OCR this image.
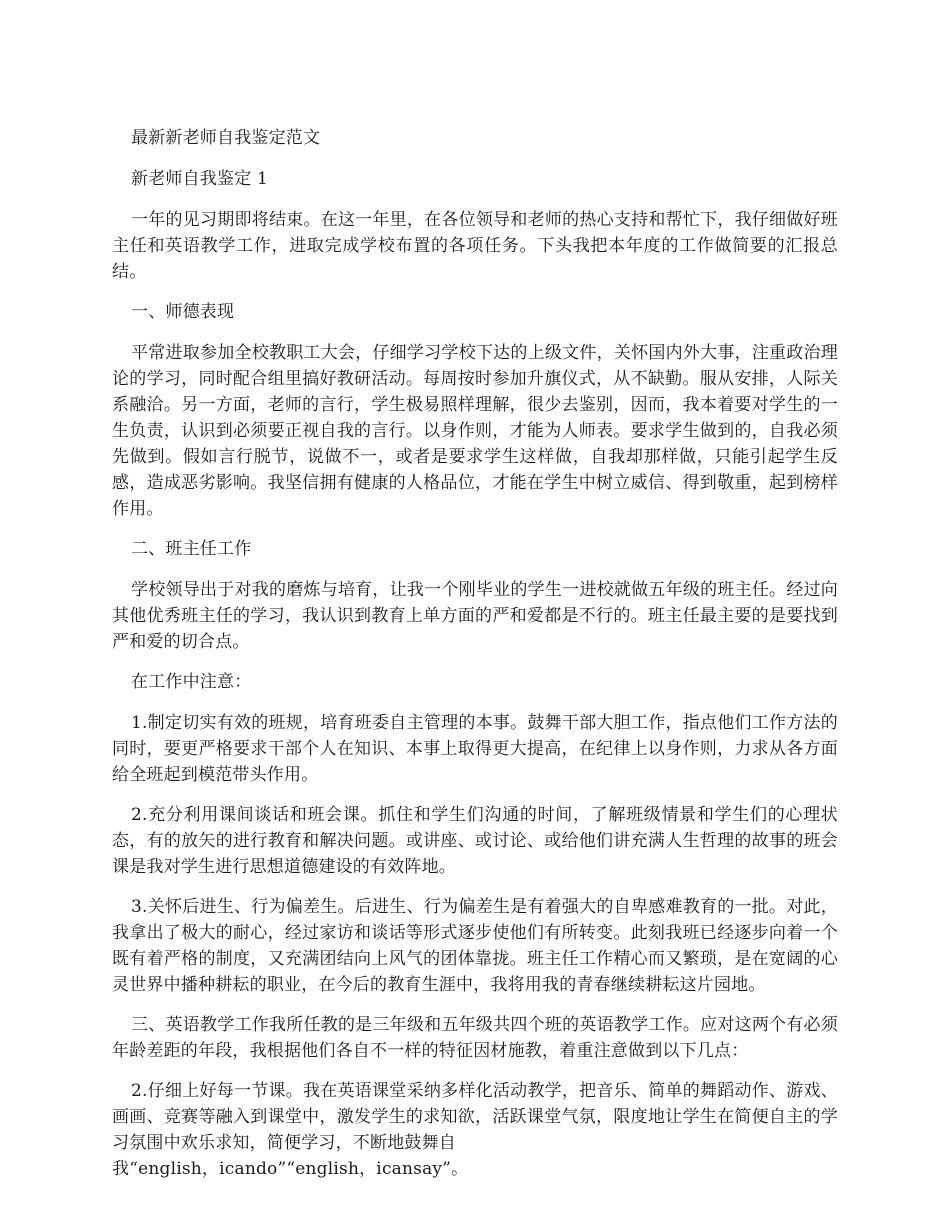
最新新老师自我鉴定范文

新老师自我鉴定 1

一年的见习期即将结束。在这一年里，在各位领导和老师的热心支持和帮忙下，我仔细做好班主任和英语教学工作，进取完成学校布置的各项任务。下头我把本年度的工作做简要的汇报总结。

一、师德表现

平常进取参加全校教职工大会，仔细学习学校下达的上级文件，关怀国内外大事，注重政治理论的学习，同时配合组里搞好教研活动。每周按时参加升旗仪式，从不缺勤。服从安排，人际关系融洽。另一方面，老师的言行，学生极易照样理解，很少去鉴别，因而，我本着要对学生的一生负责，认识到必须要正视自我的言行。以身作则，才能为人师表。要求学生做到的，自我必须先做到。假如言行脱节，说做不一，或者是要求学生这样做，自我却那样做，只能引起学生反感，造成恶劣影响。我坚信拥有健康的人格品位，才能在学生中树立威信、得到敬重，起到榜样作用。

二、班主任工作

学校领导出于对我的磨炼与培育，让我一个刚毕业的学生一进校就做五年级的班主任。经过向其他优秀班主任的学习，我认识到教育上单方面的严和爱都是不行的。班主任最主要的是要找到严和爱的切合点。

在工作中注意：

1.制定切实有效的班规，培育班委自主管理的本事。鼓舞干部大胆工作，指点他们工作方法的同时，要更严格要求干部个人在知识、本事上取得更大提高，在纪律上以身作则，力求从各方面给全班起到模范带头作用。

2.充分利用课间谈话和班会课。抓住和学生们沟通的时间，了解班级情景和学生们的心理状态，有的放矢的进行教育和解决问题。或讲座、或讨论、或给他们讲充满人生哲理的故事的班会课是我对学生进行思想道德建设的有效阵地。

3.关怀后进生、行为偏差生。后进生、行为偏差生是有着强大的自卑感难教育的一批。对此，我拿出了极大的耐心，经过家访和谈话等形式逐步使他们有所转变。此刻我班已经逐步向着一个既有着严格的制度，又充满团结向上风气的团体靠拢。班主任工作精心而又繁琐，是在宽阔的心灵世界中播种耕耘的职业，在今后的教育生涯中，我将用我的青春继续耕耘这片园地。

三、英语教学工作我所任教的是三年级和五年级共四个班的英语教学工作。应对这两个有必须年龄差距的年段，我根据他们各自不一样的特征因材施教，着重注意做到以下几点：

2.仔细上好每一节课。我在英语课堂采纳多样化活动教学，把音乐、简单的舞蹈动作、游戏、画画、竞赛等融入到课堂中，激发学生的求知欲，活跃课堂气氛，限度地让学生在简便自主的学习氛围中欢乐求知，简便学习，不断地鼓舞自

我“english，icando”“english，icansay”。
